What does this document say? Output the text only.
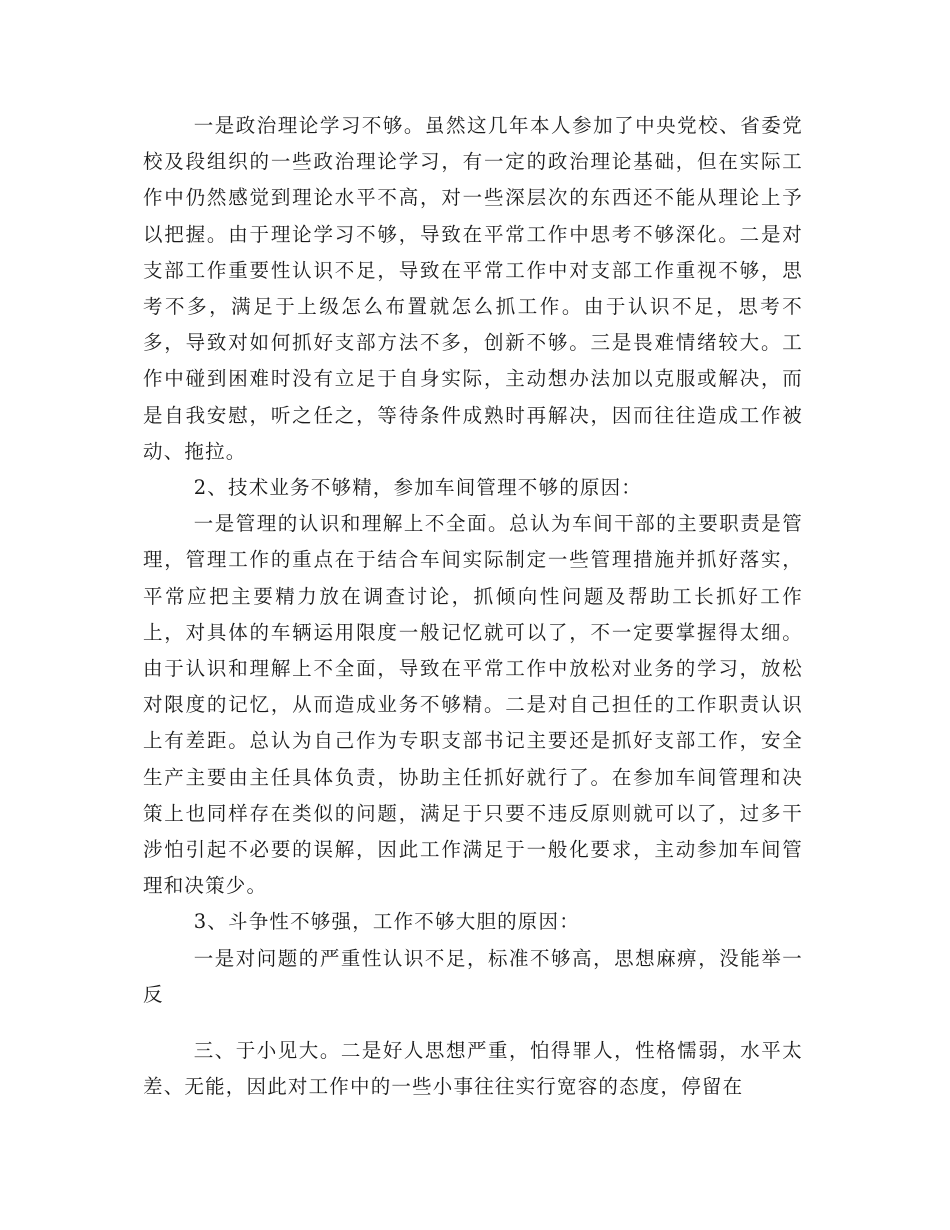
一是政治理论学习不够。虽然这几年本人参加了中央党校、省委党校及段组织的一些政治理论学习，有一定的政治理论基础，但在实际工作中仍然感觉到理论水平不高，对一些深层次的东西还不能从理论上予以把握。由于理论学习不够，导致在平常工作中思考不够深化。二是对支部工作重要性认识不足，导致在平常工作中对支部工作重视不够，思考不多，满足于上级怎么布置就怎么抓工作。由于认识不足，思考不多，导致对如何抓好支部方法不多，创新不够。三是畏难情绪较大。工作中碰到困难时没有立足于自身实际，主动想办法加以克服或解决，而是自我安慰，听之任之，等待条件成熟时再解决，因而往往造成工作被动、拖拉。

2、技术业务不够精，参加车间管理不够的原因：

一是管理的认识和理解上不全面。总认为车间干部的主要职责是管理，管理工作的重点在于结合车间实际制定一些管理措施并抓好落实，平常应把主要精力放在调查讨论，抓倾向性问题及帮助工长抓好工作上，对具体的车辆运用限度一般记忆就可以了，不一定要掌握得太细。由于认识和理解上不全面，导致在平常工作中放松对业务的学习，放松对限度的记忆，从而造成业务不够精。二是对自己担任的工作职责认识上有差距。总认为自己作为专职支部书记主要还是抓好支部工作，安全生产主要由主任具体负责，协助主任抓好就行了。在参加车间管理和决策上也同样存在类似的问题，满足于只要不违反原则就可以了，过多干涉怕引起不必要的误解，因此工作满足于一般化要求，主动参加车间管理和决策少。

3、斗争性不够强，工作不够大胆的原因：

一是对问题的严重性认识不足，标准不够高，思想麻痹，没能举一反

三、于小见大。二是好人思想严重，怕得罪人，性格懦弱，水平太差、无能，因此对工作中的一些小事往往实行宽容的态度，停留在
